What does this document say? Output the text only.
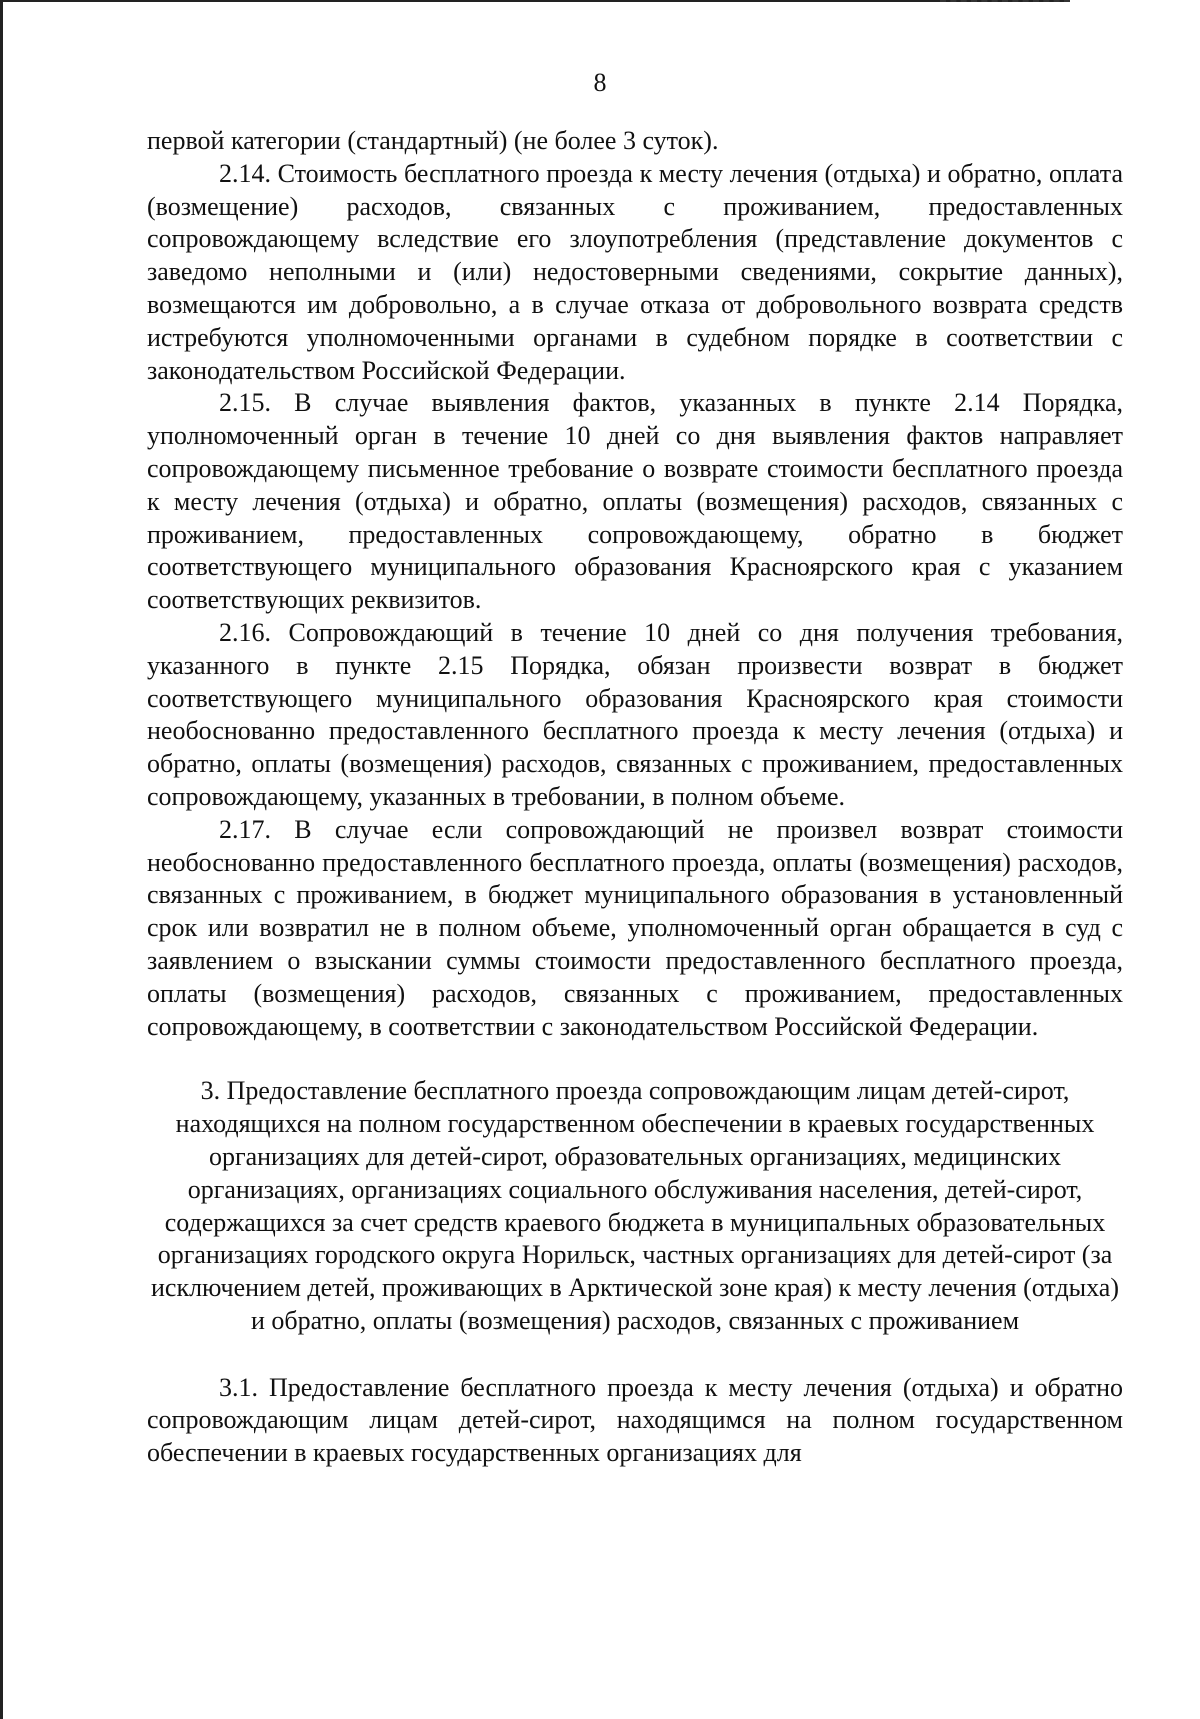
8

первой категории (стандартный) (не более 3 суток).

2.14. Стоимость бесплатного проезда к месту лечения (отдыха) и обратно, оплата (возмещение) расходов, связанных с проживанием, предоставленных сопровождающему вследствие его злоупотребления (представление документов с заведомо неполными и (или) недостоверными сведениями, сокрытие данных), возмещаются им добровольно, а в случае отказа от добровольного возврата средств истребуются уполномоченными органами в судебном порядке в соответствии с законодательством Российской Федерации.

2.15. В случае выявления фактов, указанных в пункте 2.14 Порядка, уполномоченный орган в течение 10 дней со дня выявления фактов направляет сопровождающему письменное требование о возврате стоимости бесплатного проезда к месту лечения (отдыха) и обратно, оплаты (возмещения) расходов, связанных с проживанием, предоставленных сопровождающему, обратно в бюджет соответствующего муниципального образования Красноярского края с указанием соответствующих реквизитов.

2.16. Сопровождающий в течение 10 дней со дня получения требования, указанного в пункте 2.15 Порядка, обязан произвести возврат в бюджет соответствующего муниципального образования Красноярского края стоимости необоснованно предоставленного бесплатного проезда к месту лечения (отдыха) и обратно, оплаты (возмещения) расходов, связанных с проживанием, предоставленных сопровождающему, указанных в требовании, в полном объеме.

2.17. В случае если сопровождающий не произвел возврат стоимости необоснованно предоставленного бесплатного проезда, оплаты (возмещения) расходов, связанных с проживанием, в бюджет муниципального образования в установленный срок или возвратил не в полном объеме, уполномоченный орган обращается в суд с заявлением о взыскании суммы стоимости предоставленного бесплатного проезда, оплаты (возмещения) расходов, связанных с проживанием, предоставленных сопровождающему, в соответствии с законодательством Российской Федерации.

3. Предоставление бесплатного проезда сопровождающим лицам детей-сирот, находящихся на полном государственном обеспечении в краевых государственных организациях для детей-сирот, образовательных организациях, медицинских организациях, организациях социального обслуживания населения, детей-сирот, содержащихся за счет средств краевого бюджета в муниципальных образовательных организациях городского округа Норильск, частных организациях для детей-сирот (за исключением детей, проживающих в Арктической зоне края) к месту лечения (отдыха) и обратно, оплаты (возмещения) расходов, связанных с проживанием

3.1. Предоставление бесплатного проезда к месту лечения (отдыха) и обратно сопровождающим лицам детей-сирот, находящимся на полном государственном обеспечении в краевых государственных организациях для
